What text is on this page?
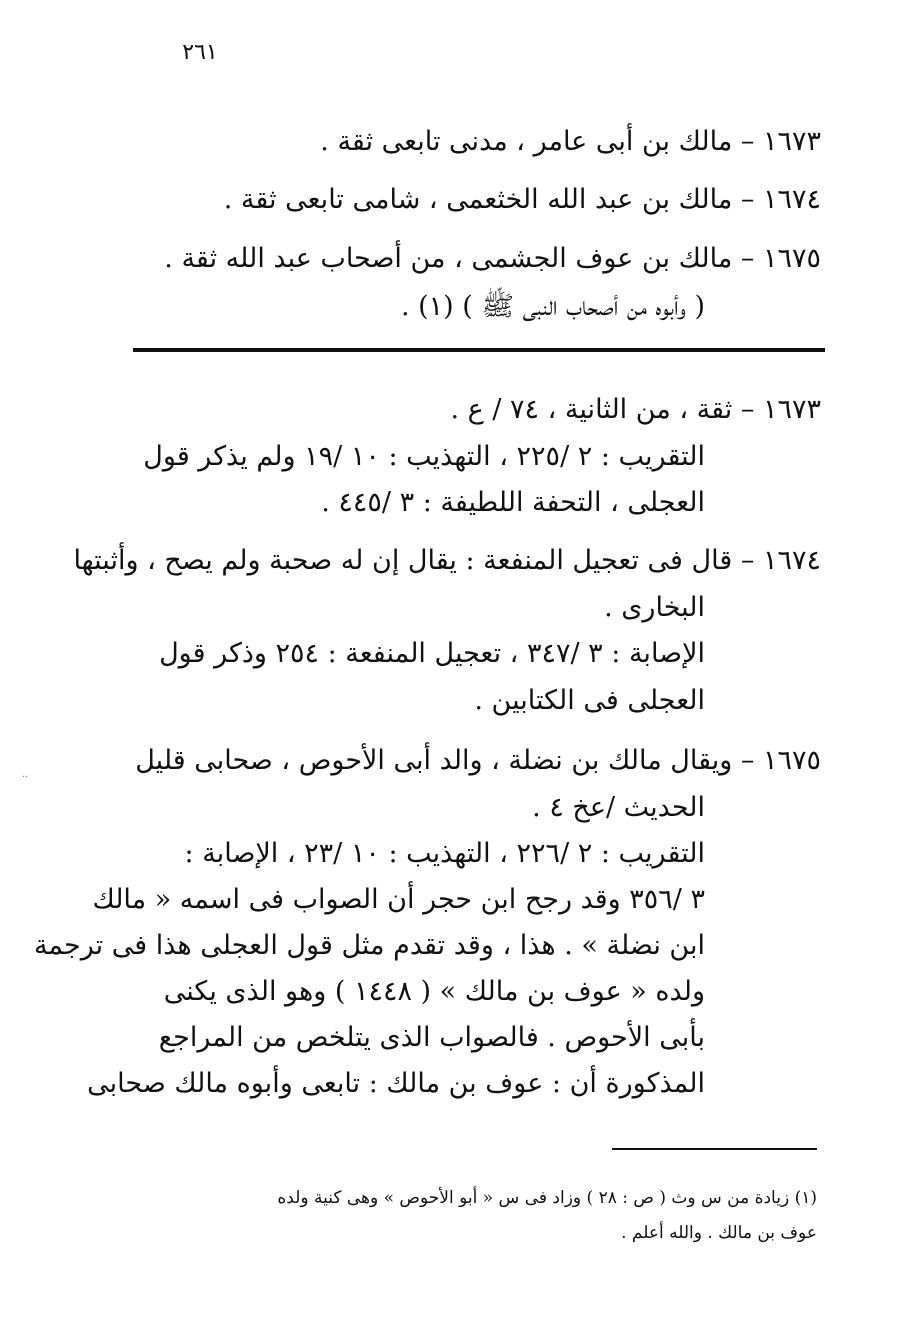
٢٦١
١٦٧٣ – مالك بن أبى عامر ، مدنى تابعى ثقة .
١٦٧٤ – مالك بن عبد الله الخثعمى ، شامى تابعى ثقة .
١٦٧٥ – مالك بن عوف الجشمى ، من أصحاب عبد الله ثقة .
( وأبوه من أصحاب النبى ﷺ ) (١) .
١٦٧٣ – ثقة ، من الثانية ، ٧٤ / ع .
التقريب : ٢ /٢٢٥ ، التهذيب : ١٠ /١٩ ولم يذكر قول
العجلى ، التحفة اللطيفة : ٣ /٤٤٥ .
١٦٧٤ – قال فى تعجيل المنفعة : يقال إن له صحبة ولم يصح ، وأثبتها
البخارى .
الإصابة : ٣ /٣٤٧ ، تعجيل المنفعة : ٢٥٤ وذكر قول
العجلى فى الكتابين .
١٦٧٥ – ويقال مالك بن نضلة ، والد أبى الأحوص ، صحابى قليل
الحديث /عخ ٤ .
التقريب : ٢ /٢٢٦ ، التهذيب : ١٠ /٢٣ ، الإصابة :
٣ /٣٥٦ وقد رجح ابن حجر أن الصواب فى اسمه « مالك
ابن نضلة » . هذا ، وقد تقدم مثل قول العجلى هذا فى ترجمة
ولده « عوف بن مالك » ( ١٤٤٨ ) وهو الذى يكنى
بأبى الأحوص . فالصواب الذى يتلخص من المراجع
المذكورة أن : عوف بن مالك : تابعى وأبوه مالك صحابى
(١) زيادة من س وث ( ص : ٢٨ ) وزاد فى س « أبو الأحوص » وهى كنية ولده
عوف بن مالك . والله أعلم .
··
